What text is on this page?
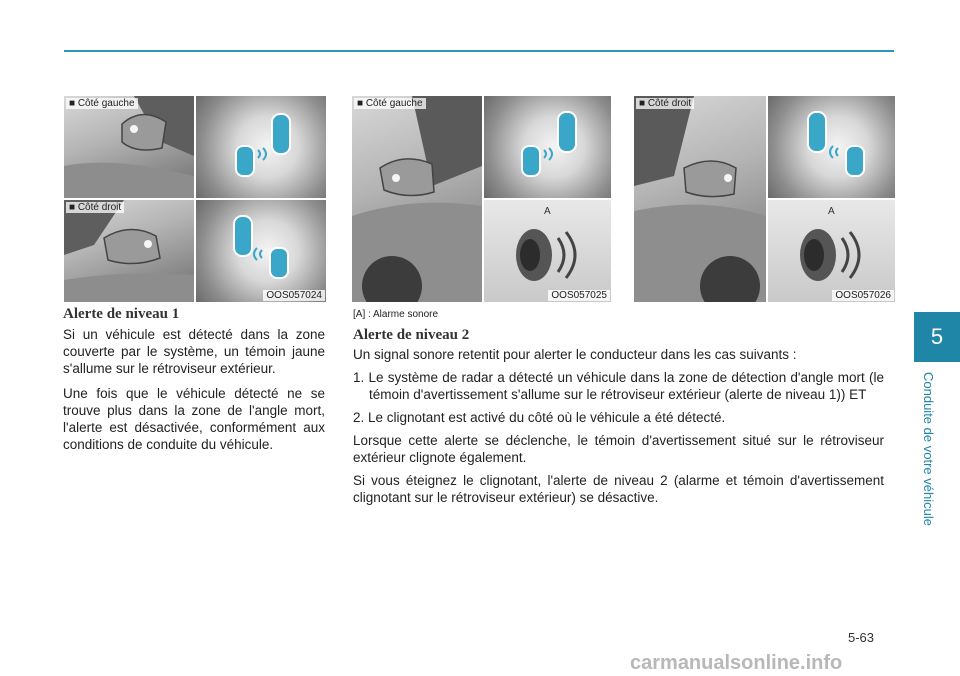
5
Conduite de votre véhicule
■ Côté gauche
■ Côté droit
OOS057024
■ Côté gauche
A
OOS057025
■ Côté droit
A
OOS057026
[A] : Alarme sonore
Alerte de niveau 1

Si un véhicule est détecté dans la zone couverte par le système, un témoin jaune s'allume sur le rétroviseur extérieur.

Une fois que le véhicule détecté ne se trouve plus dans la zone de l'angle mort, l'alerte est désactivée, conformément aux conditions de conduite du véhicule.

Alerte de niveau 2

Un signal sonore retentit pour alerter le conducteur dans les cas suivants :

1. Le système de radar a détecté un véhicule dans la zone de détection d'angle mort (le témoin d'avertissement s'allume sur le rétroviseur extérieur (alerte de niveau 1)) ET

2. Le clignotant est activé du côté où le véhicule a été détecté.

Lorsque cette alerte se déclenche, le témoin d'avertissement situé sur le rétroviseur extérieur clignote également.

Si vous éteignez le clignotant, l'alerte de niveau 2 (alarme et témoin d'avertissement clignotant sur le rétroviseur extérieur) se désactive.

5-63
carmanualsonline.info
